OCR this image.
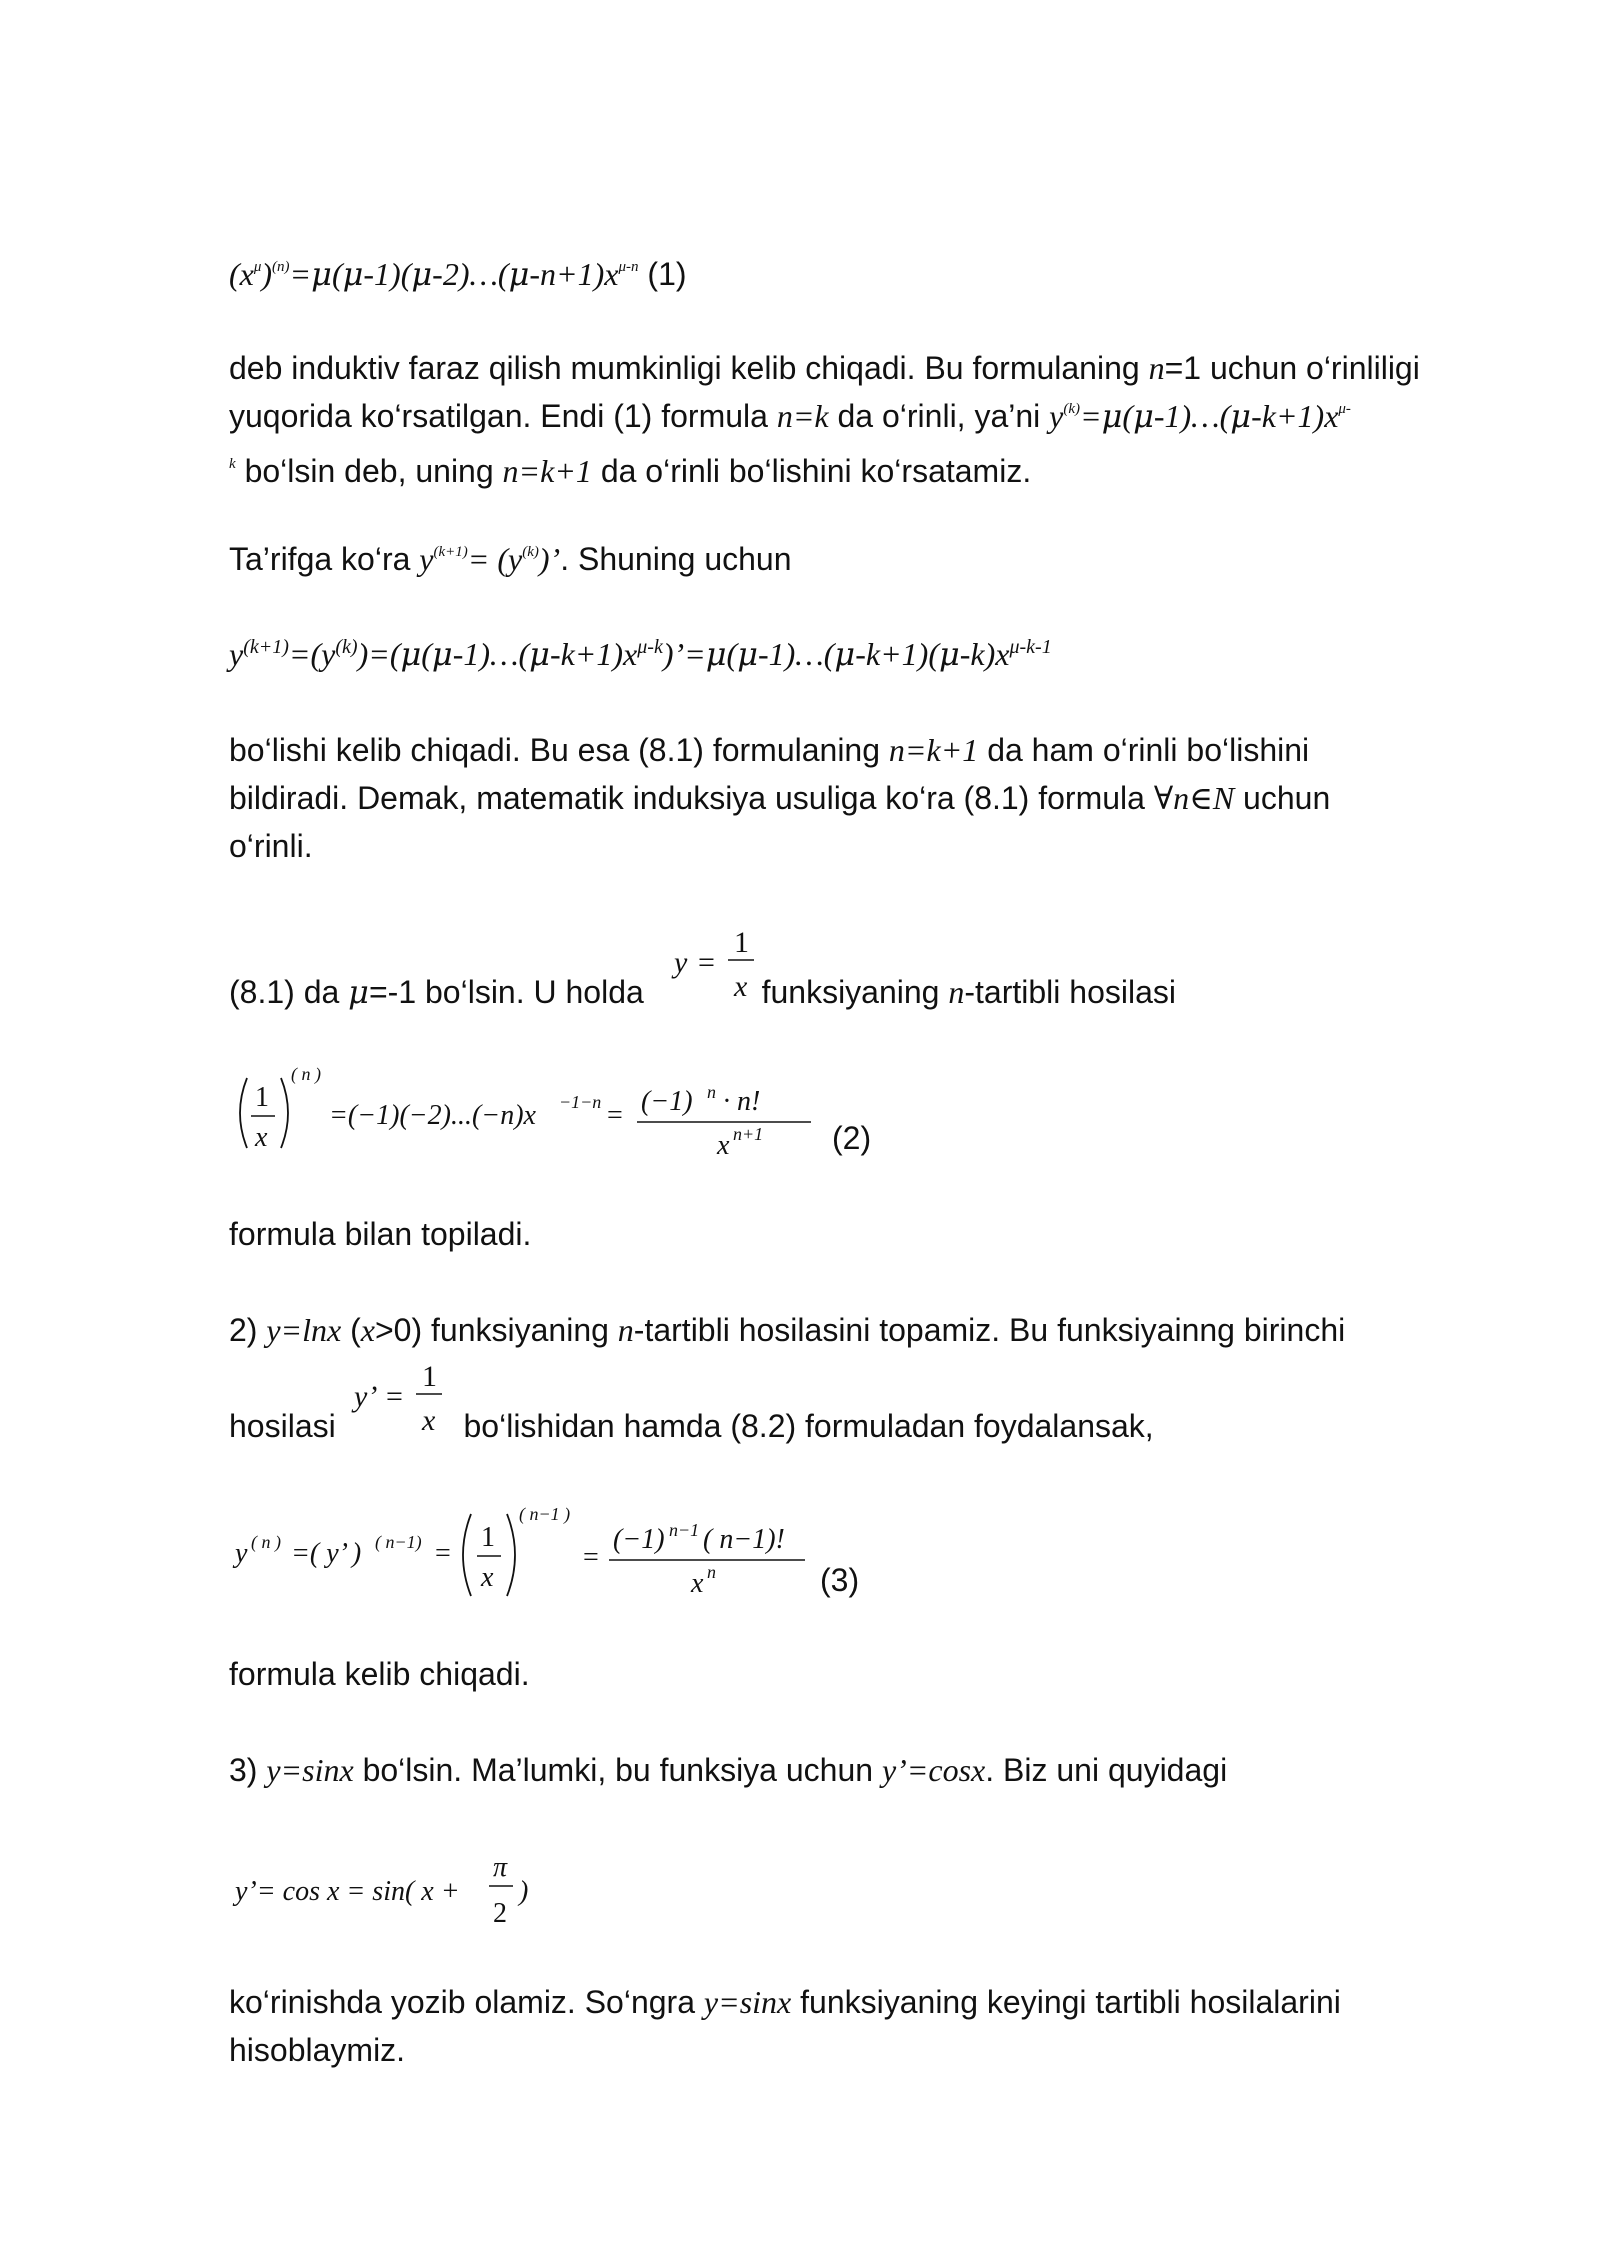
$(x^\mu)^{(n)}=\mu(\mu-1)(\mu-2)\dots(\mu-n+1)x^{\mu-n}$ (1)
deb induktiv faraz qilish mumkinligi kelib chiqadi. Bu formulaning n=1 uchun o‘rinliligi
yuqorida ko‘rsatilgan. Endi (1) formula n=k da o‘rinli, ya’ni $y^{(k)}=\mu(\mu-1)\dots(\mu-k+1)x^{\mu-}$
$^k$ bo‘lsin deb, uning n=k+1 da o‘rinli bo‘lishini ko‘rsatamiz.
Ta’rifga ko‘ra $y^{(k+1)}= (y^{(k)})$’. Shuning uchun
$y^{(k+1)}=(y^{(k)})=(\mu(\mu-1)\dots(\mu-k+1)x^{\mu-k})’=\mu(\mu-1)\dots(\mu-k+1)(\mu-k)x^{\mu-k-1}$
bo‘lishi kelib chiqadi. Bu esa (8.1) formulaning n=k+1 da ham o‘rinli bo‘lishini
bildiradi. Demak, matematik induksiya usuliga ko‘ra (8.1) formula ∀n∈N uchun
o‘rinli.
(8.1) da μ=-1 bo‘lsin. U holda	funksiyaning n-tartibli hosilasi
y =
1
x
1
x
( n )
=(−1)(−2)...(−n)x −1−n = (−1) n · n!
x n+1 (2)
formula bilan topiladi.
2) y=lnx (x>0) funksiyaning n-tartibli hosilasini topamiz. Bu funksiyainng birinchi
hosilasi	bo‘lishidan hamda (8.2) formuladan foydalansak,
y’ =
1
x
y ( n ) =( y’ ) ( n−1) =
1
x
( n−1 )
=
(−1) n−1 ( n−1)!
x n	(3)
formula kelib chiqadi.
3) y=sinx bo‘lsin. Ma’lumki, bu funksiya uchun y’=cosx. Biz uni quyidagi
y’= cos x = sin( x +
π
2
)
ko‘rinishda yozib olamiz. So‘ngra y=sinx funksiyaning keyingi tartibli hosilalarini
hisoblaymiz.
